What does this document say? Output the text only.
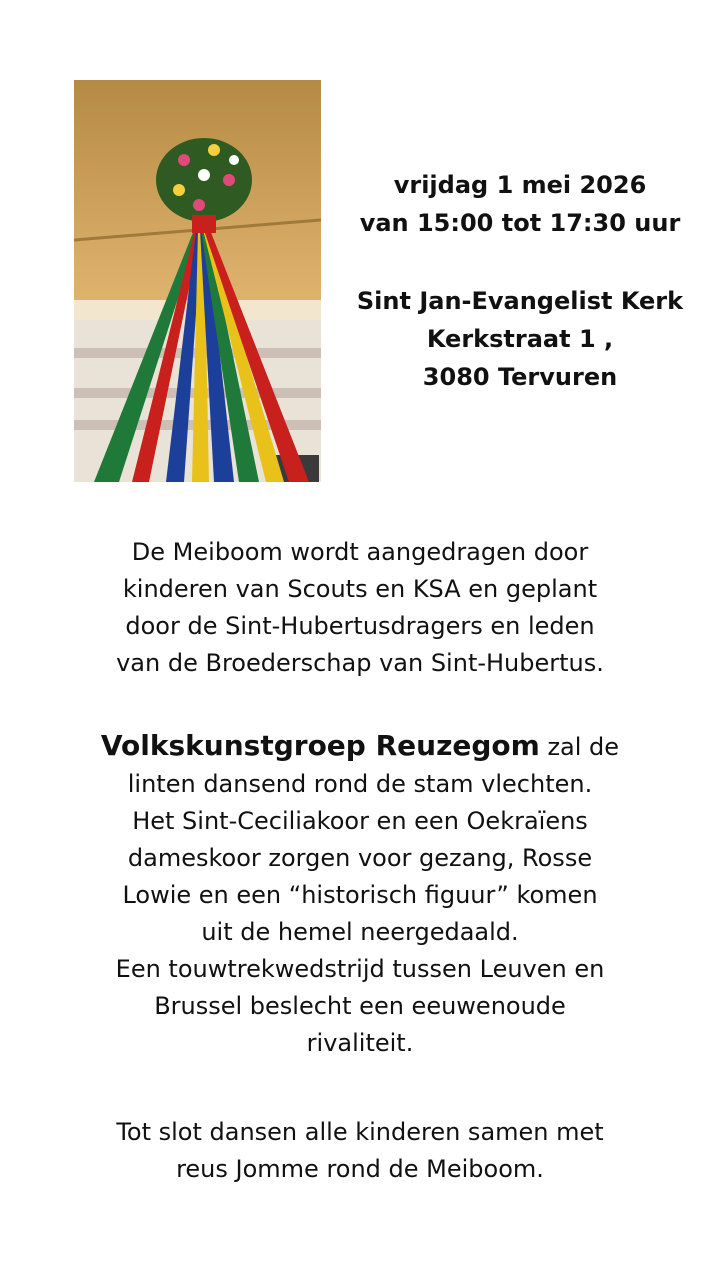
vrijdag 1 mei 2026
van 15:00 tot 17:30 uur
Sint Jan-Evangelist Kerk
Kerkstraat 1 ,
3080 Tervuren
De Meiboom wordt aangedragen door
kinderen van Scouts en KSA en geplant
door de Sint-Hubertusdragers en leden
van de Broederschap van Sint-Hubertus.
Volkskunstgroep Reuzegom zal de
linten dansend rond de stam vlechten.
Het Sint-Ceciliakoor en een Oekraïens
dameskoor zorgen voor gezang, Rosse
Lowie en een “historisch figuur” komen
uit de hemel neergedaald.
Een touwtrekwedstrijd tussen Leuven en
Brussel beslecht een eeuwenoude
rivaliteit.
Tot slot dansen alle kinderen samen met
reus Jomme rond de Meiboom.
